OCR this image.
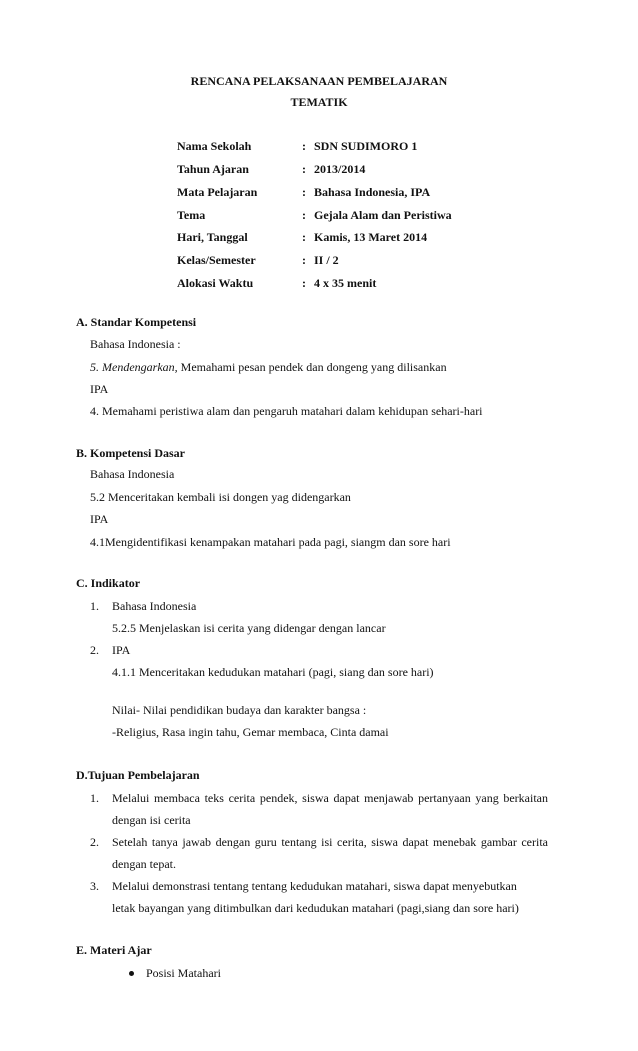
RENCANA PELAKSANAAN PEMBELAJARAN
TEMATIK
Nama Sekolah	: SDN SUDIMORO 1
Tahun Ajaran	: 2013/2014
Mata Pelajaran	: Bahasa Indonesia, IPA
Tema	: Gejala Alam dan Peristiwa
Hari, Tanggal	: Kamis, 13 Maret 2014
Kelas/Semester	: II / 2
Alokasi Waktu	: 4 x 35 menit
A. Standar Kompetensi
Bahasa Indonesia :
5. Mendengarkan, Memahami pesan pendek dan dongeng yang dilisankan
IPA
4. Memahami peristiwa alam dan pengaruh matahari dalam kehidupan sehari-hari
B. Kompetensi Dasar
Bahasa Indonesia
5.2 Menceritakan kembali isi dongen yag didengarkan
IPA
4.1Mengidentifikasi kenampakan matahari pada pagi, siangm dan sore hari
C. Indikator
1. Bahasa Indonesia
5.2.5 Menjelaskan isi cerita yang didengar dengan lancar
2. IPA
4.1.1 Menceritakan kedudukan matahari (pagi, siang dan sore hari)
Nilai- Nilai pendidikan budaya dan karakter bangsa :
-Religius, Rasa ingin tahu, Gemar membaca, Cinta damai
D.Tujuan Pembelajaran
1. Melalui membaca teks cerita pendek, siswa dapat menjawab pertanyaan yang berkaitan
dengan isi cerita
2. Setelah tanya jawab dengan guru tentang isi cerita, siswa dapat menebak gambar cerita
dengan tepat.
3. Melalui demonstrasi tentang tentang kedudukan matahari, siswa dapat menyebutkan
letak bayangan yang ditimbulkan dari kedudukan matahari (pagi,siang dan sore hari)
E. Materi Ajar
Posisi Matahari
